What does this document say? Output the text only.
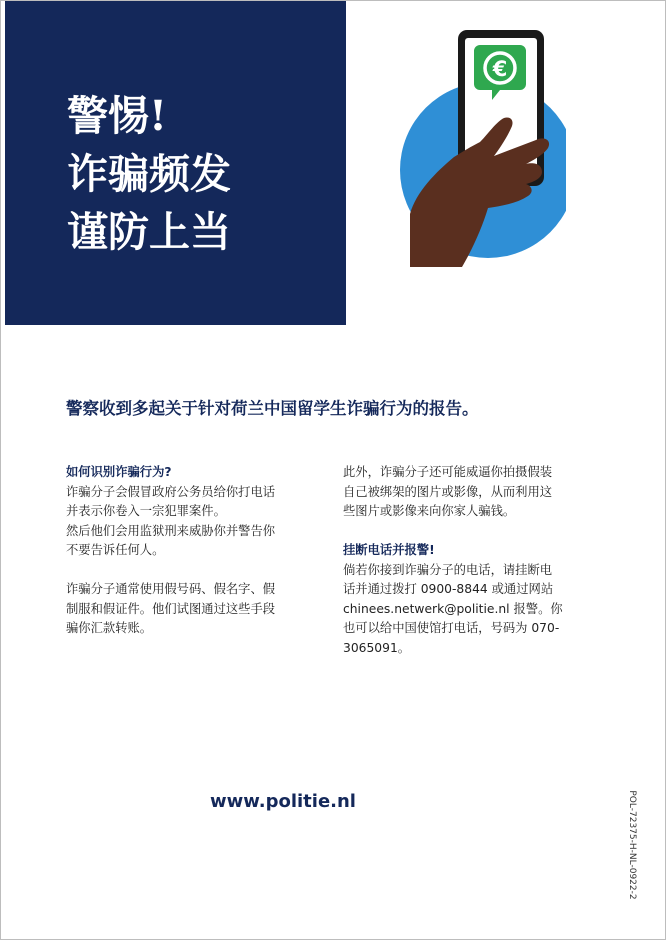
警惕!
诈骗频发
谨防上当
€
警察收到多起关于针对荷兰中国留学生诈骗行为的报告。
如何识别诈骗行为?
诈骗分子会假冒政府公务员给你打电话
并表示你卷入一宗犯罪案件。
然后他们会用监狱刑来威胁你并警告你
不要告诉任何人。
诈骗分子通常使用假号码、假名字、假
制服和假证件。他们试图通过这些手段
骗你汇款转账。
此外，诈骗分子还可能威逼你拍摄假装
自己被绑架的图片或影像，从而利用这
些图片或影像来向你家人骗钱。
挂断电话并报警!
倘若你接到诈骗分子的电话，请挂断电
话并通过拨打 0900-8844 或通过网站
chinees.netwerk@politie.nl 报警。你
也可以给中国使馆打电话，号码为 070-
3065091。
www.politie.nl	POL-72375-H-NL-0922-2
